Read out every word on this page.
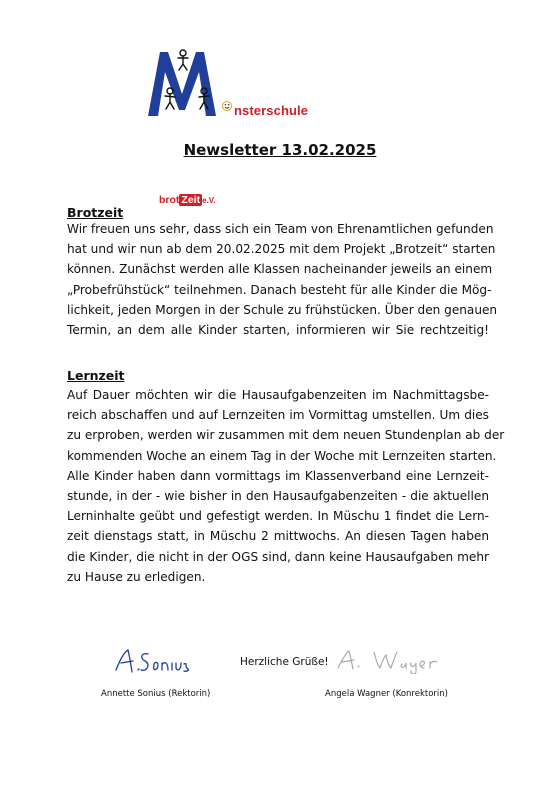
nsterschule
Newsletter 13.02.2025
Brotzeit
brot Zeit e.V.
Wir freuen uns sehr, dass sich ein Team von Ehrenamtlichen gefunden
hat und wir nun ab dem 20.02.2025 mit dem Projekt „Brotzeit“ starten
können. Zunächst werden alle Klassen nacheinander jeweils an einem
„Probefrühstück“ teilnehmen. Danach besteht für alle Kinder die Mög-
lichkeit, jeden Morgen in der Schule zu frühstücken. Über den genauen
Termin, an dem alle Kinder starten, informieren wir Sie rechtzeitig!
Lernzeit
Auf Dauer möchten wir die Hausaufgabenzeiten im Nachmittagsbe-
reich abschaffen und auf Lernzeiten im Vormittag umstellen. Um dies
zu erproben, werden wir zusammen mit dem neuen Stundenplan ab der
kommenden Woche an einem Tag in der Woche mit Lernzeiten starten.
Alle Kinder haben dann vormittags im Klassenverband eine Lernzeit-
stunde, in der - wie bisher in den Hausaufgabenzeiten - die aktuellen
Lerninhalte geübt und gefestigt werden. In Müschu 1 findet die Lern-
zeit dienstags statt, in Müschu 2 mittwochs. An diesen Tagen haben
die Kinder, die nicht in der OGS sind, dann keine Hausaufgaben mehr
zu Hause zu erledigen.
Herzliche Grüße!
Annette Sonius (Rektorin)	Angela Wagner (Konrektorin)
